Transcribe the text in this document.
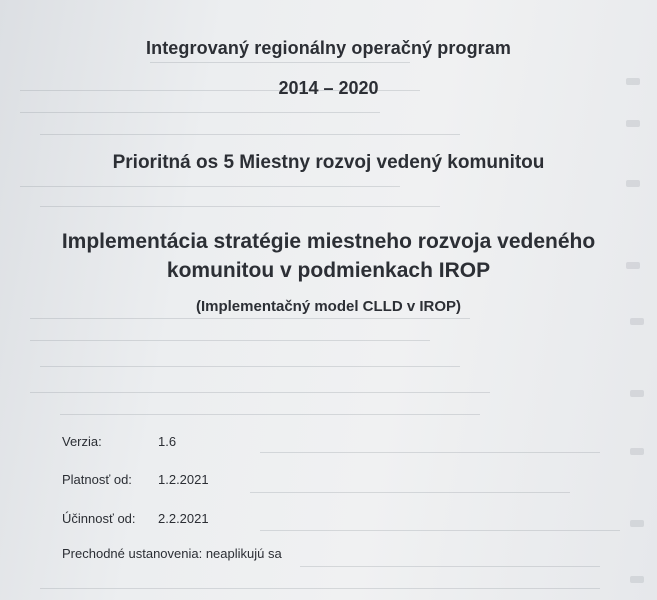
Integrovaný regionálny operačný program
2014 – 2020
Prioritná os 5 Miestny rozvoj vedený komunitou
Implementácia stratégie miestneho rozvoja vedeného
komunitou v podmienkach IROP
(Implementačný model CLLD v IROP)
Verzia:	1.6
Platnosť od: 1.2.2021
Účinnosť od: 2.2.2021
Prechodné ustanovenia: neaplikujú sa
